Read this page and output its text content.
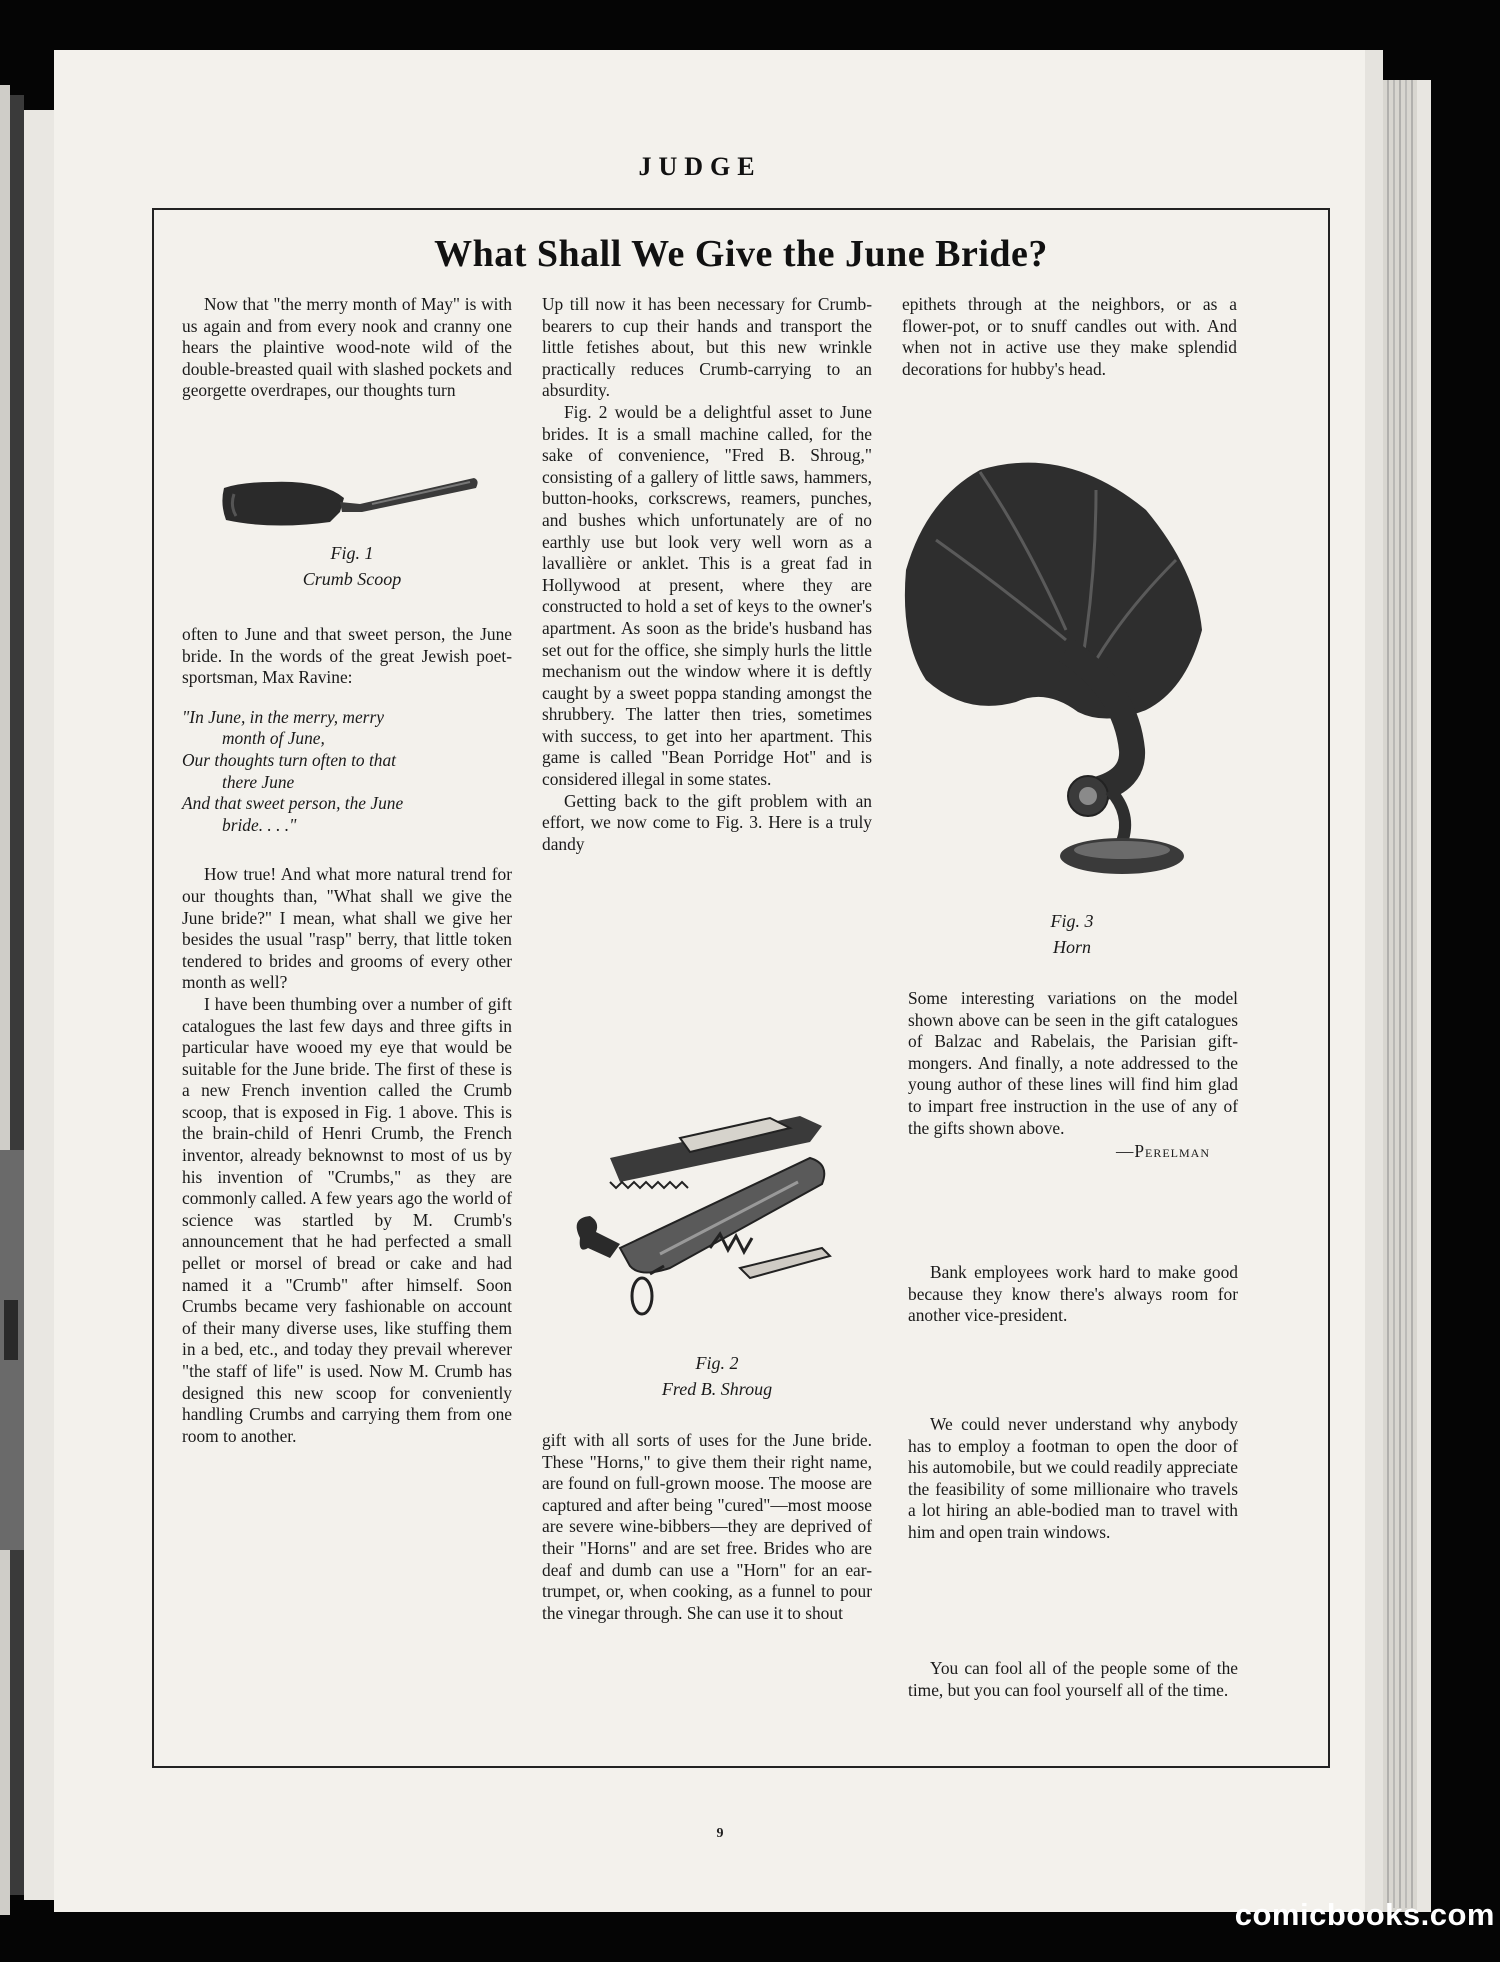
JUDGE
What Shall We Give the June Bride?

Now that "the merry month of May" is with us again and from every nook and cranny one hears the plaintive wood-note wild of the double-breasted quail with slashed pockets and georgette overdrapes, our thoughts turn

Fig. 1
Crumb Scoop

often to June and that sweet person, the June bride. In the words of the great Jewish poet-sportsman, Max Ravine:

"In June, in the merry, merry
month of June,
Our thoughts turn often to that
there June
And that sweet person, the June
bride. . . ."

How true! And what more natural trend for our thoughts than, "What shall we give the June bride?" I mean, what shall we give her besides the usual "rasp" berry, that little token tendered to brides and grooms of every other month as well?

I have been thumbing over a number of gift catalogues the last few days and three gifts in particular have wooed my eye that would be suitable for the June bride. The first of these is a new French invention called the Crumb scoop, that is exposed in Fig. 1 above. This is the brain-child of Henri Crumb, the French inventor, already beknownst to most of us by his invention of "Crumbs," as they are commonly called. A few years ago the world of science was startled by M. Crumb's announcement that he had perfected a small pellet or morsel of bread or cake and had named it a "Crumb" after himself. Soon Crumbs became very fashionable on account of their many diverse uses, like stuffing them in a bed, etc., and today they prevail wherever "the staff of life" is used. Now M. Crumb has designed this new scoop for conveniently handling Crumbs and carrying them from one room to another.

Up till now it has been necessary for Crumb-bearers to cup their hands and transport the little fetishes about, but this new wrinkle practically reduces Crumb-carrying to an absurdity.

Fig. 2 would be a delightful asset to June brides. It is a small machine called, for the sake of convenience, "Fred B. Shroug," consisting of a gallery of little saws, hammers, button-hooks, corkscrews, reamers, punches, and bushes which unfortunately are of no earthly use but look very well worn as a lavallière or anklet. This is a great fad in Hollywood at present, where they are constructed to hold a set of keys to the owner's apartment. As soon as the bride's husband has set out for the office, she simply hurls the little mechanism out the window where it is deftly caught by a sweet poppa standing amongst the shrubbery. The latter then tries, sometimes with success, to get into her apartment. This game is called "Bean Porridge Hot" and is considered illegal in some states.

Getting back to the gift problem with an effort, we now come to Fig. 3. Here is a truly dandy

Fig. 2
Fred B. Shroug

gift with all sorts of uses for the June bride. These "Horns," to give them their right name, are found on full-grown moose. The moose are captured and after being "cured"—most moose are severe wine-bibbers—they are deprived of their "Horns" and are set free. Brides who are deaf and dumb can use a "Horn" for an ear-trumpet, or, when cooking, as a funnel to pour the vinegar through. She can use it to shout

epithets through at the neighbors, or as a flower-pot, or to snuff candles out with. And when not in active use they make splendid decorations for hubby's head.

Fig. 3
Horn

Some interesting variations on the model shown above can be seen in the gift catalogues of Balzac and Rabelais, the Parisian gift-mongers. And finally, a note addressed to the young author of these lines will find him glad to impart free instruction in the use of any of the gifts shown above.

—Perelman

Bank employees work hard to make good because they know there's always room for another vice-president.

We could never understand why anybody has to employ a footman to open the door of his automobile, but we could readily appreciate the feasibility of some millionaire who travels a lot hiring an able-bodied man to travel with him and open train windows.

You can fool all of the people some of the time, but you can fool yourself all of the time.

9
comicbooks.com
